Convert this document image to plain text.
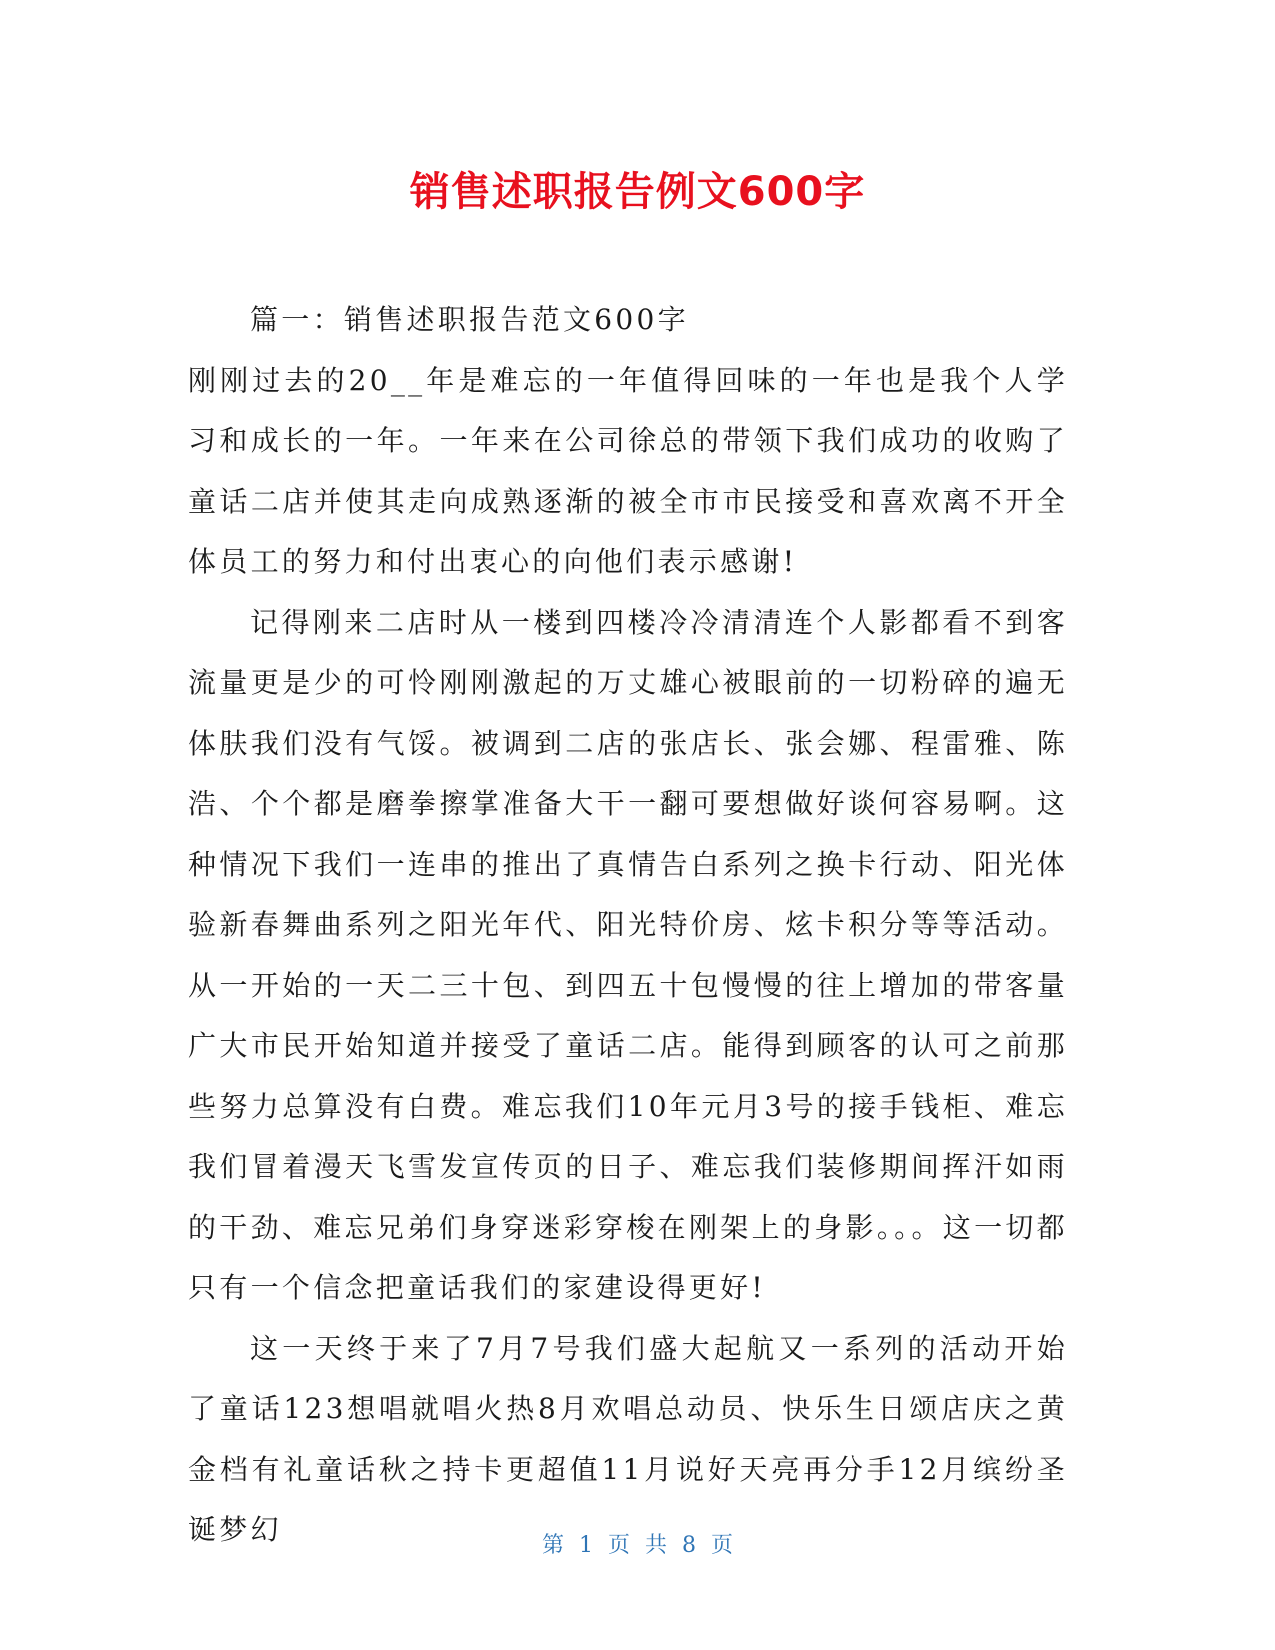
销售述职报告例文600字

篇一：销售述职报告范文600字

刚刚过去的20__年是难忘的一年值得回味的一年也是我个人学习和成长的一年。一年来在公司徐总的带领下我们成功的收购了童话二店并使其走向成熟逐渐的被全市市民接受和喜欢离不开全体员工的努力和付出衷心的向他们表示感谢!

记得刚来二店时从一楼到四楼冷冷清清连个人影都看不到客流量更是少的可怜刚刚激起的万丈雄心被眼前的一切粉碎的遍无体肤我们没有气馁。被调到二店的张店长、张会娜、程雷雅、陈浩、个个都是磨拳擦掌准备大干一翻可要想做好谈何容易啊。这种情况下我们一连串的推出了真情告白系列之换卡行动、阳光体验新春舞曲系列之阳光年代、阳光特价房、炫卡积分等等活动。从一开始的一天二三十包、到四五十包慢慢的往上增加的带客量广大市民开始知道并接受了童话二店。能得到顾客的认可之前那些努力总算没有白费。难忘我们10年元月3号的接手钱柜、难忘我们冒着漫天飞雪发宣传页的日子、难忘我们装修期间挥汗如雨的干劲、难忘兄弟们身穿迷彩穿梭在刚架上的身影。。。这一切都只有一个信念把童话我们的家建设得更好!

这一天终于来了7月7号我们盛大起航又一系列的活动开始了童话123想唱就唱火热8月欢唱总动员、快乐生日颂店庆之黄金档有礼童话秋之持卡更超值11月说好天亮再分手12月缤纷圣诞梦幻	第 1 页 共 8 页
